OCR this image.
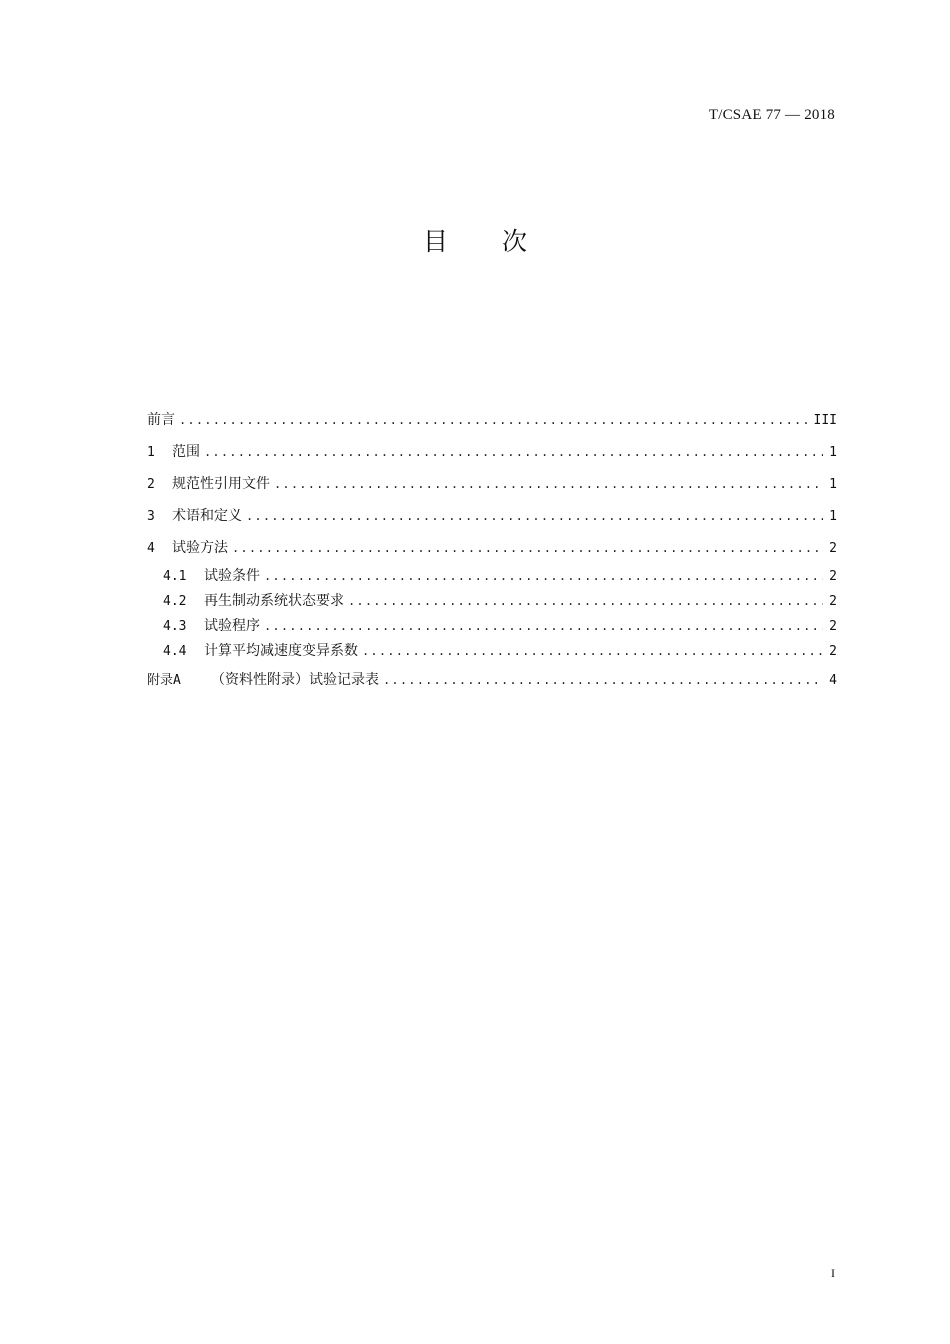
T/CSAE 77 — 2018
目 次
前言 .....	III
1	范围 .....	1
2	规范性引用文件 .....	1
3	术语和定义 .....	1
4	试验方法 .....	2
4.1	试验条件 .....	2
4.2	再生制动系统状态要求 .....	2
4.3	试验程序 .....	2
4.4	计算平均减速度变异系数 .....	2
附录A	（资料性附录）试验记录表 .....	4
I
